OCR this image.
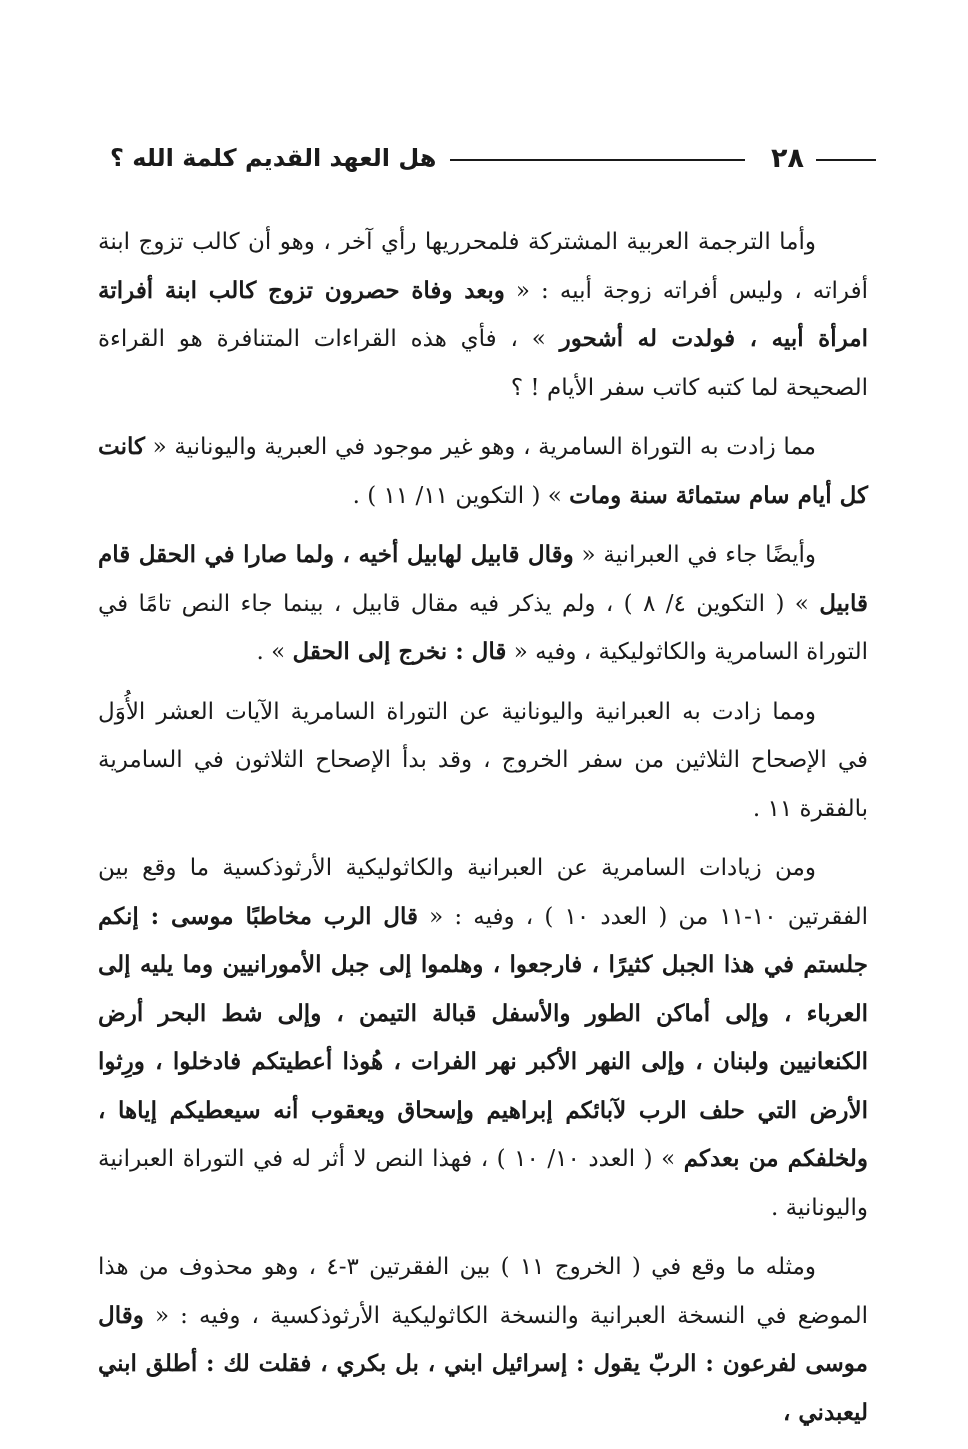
٢٨
هل العهد القديم كلمة الله ؟

وأما الترجمة العربية المشتركة فلمحرريها رأي آخر ، وهو أن كالب تزوج ابنة أفراته ، وليس أفراته زوجة أبيه : « وبعد وفاة حصرون تزوج كالب ابنة أفراتة امرأة أبيه ، فولدت له أشحور » ، فأي هذه القراءات المتنافرة هو القراءة الصحيحة لما كتبه كاتب سفر الأيام ! ؟

مما زادت به التوراة السامرية ، وهو غير موجود في العبرية واليونانية « كانت كل أيام سام ستمائة سنة ومات » ( التكوين ١١/ ١١ ) .

وأيضًا جاء في العبرانية « وقال قابيل لهابيل أخيه ، ولما صارا في الحقل قام قابيل » ( التكوين ٤/ ٨ ) ، ولم يذكر فيه مقال قابيل ، بينما جاء النص تامًا في التوراة السامرية والكاثوليكية ، وفيه « قال : نخرج إلى الحقل » .

ومما زادت به العبرانية واليونانية عن التوراة السامرية الآيات العشر الأُوَل في الإصحاح الثلاثين من سفر الخروج ، وقد بدأ الإصحاح الثلاثون في السامرية بالفقرة ١١ .

ومن زيادات السامرية عن العبرانية والكاثوليكية الأرثوذكسية ما وقع بين الفقرتين ١٠-١١ من ( العدد ١٠ ) ، وفيه : « قال الرب مخاطبًا موسى : إنكم جلستم في هذا الجبل كثيرًا ، فارجعوا ، وهلموا إلى جبل الأمورانيين وما يليه إلى العرباء ، وإلى أماكن الطور والأسفل قبالة التيمن ، وإلى شط البحر أرض الكنعانيين ولبنان ، وإلى النهر الأكبر نهر الفرات ، هُوذا أعطيتكم فادخلوا ، ورِثوا الأرض التي حلف الرب لآبائكم إبراهيم وإسحاق ويعقوب أنه سيعطيكم إياها ، ولخلفكم من بعدكم » ( العدد ١٠/ ١٠ ) ، فهذا النص لا أثر له في التوراة العبرانية واليونانية .

ومثله ما وقع في ( الخروج ١١ ) بين الفقرتين ٣-٤ ، وهو محذوف من هذا الموضع في النسخة العبرانية والنسخة الكاثوليكية الأرثوذكسية ، وفيه : « وقال موسى لفرعون : الربّ يقول : إسرائيل ابني ، بل بكري ، فقلت لك : أطلق ابني ليعبدني ،
